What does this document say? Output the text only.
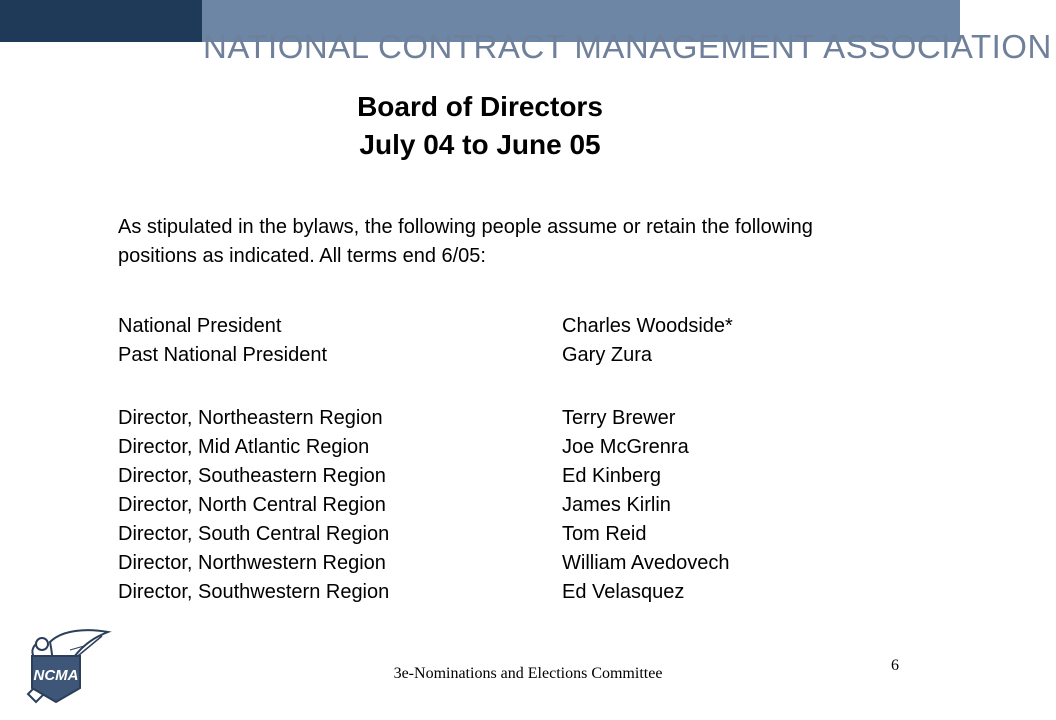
NATIONAL CONTRACT MANAGEMENT ASSOCIATION
Board of Directors
July 04 to June 05
As stipulated in the bylaws, the following people assume or retain the following positions as indicated. All terms end 6/05:
National President	Charles Woodside*
Past National President	Gary Zura
Director, Northeastern Region	Terry Brewer
Director, Mid Atlantic Region	Joe McGrenra
Director, Southeastern Region	Ed Kinberg
Director, North Central Region	James Kirlin
Director, South Central Region	Tom Reid
Director, Northwestern Region	William Avedovech
Director, Southwestern Region	Ed Velasquez
NCMA	3e-Nominations and Elections Committee	6
